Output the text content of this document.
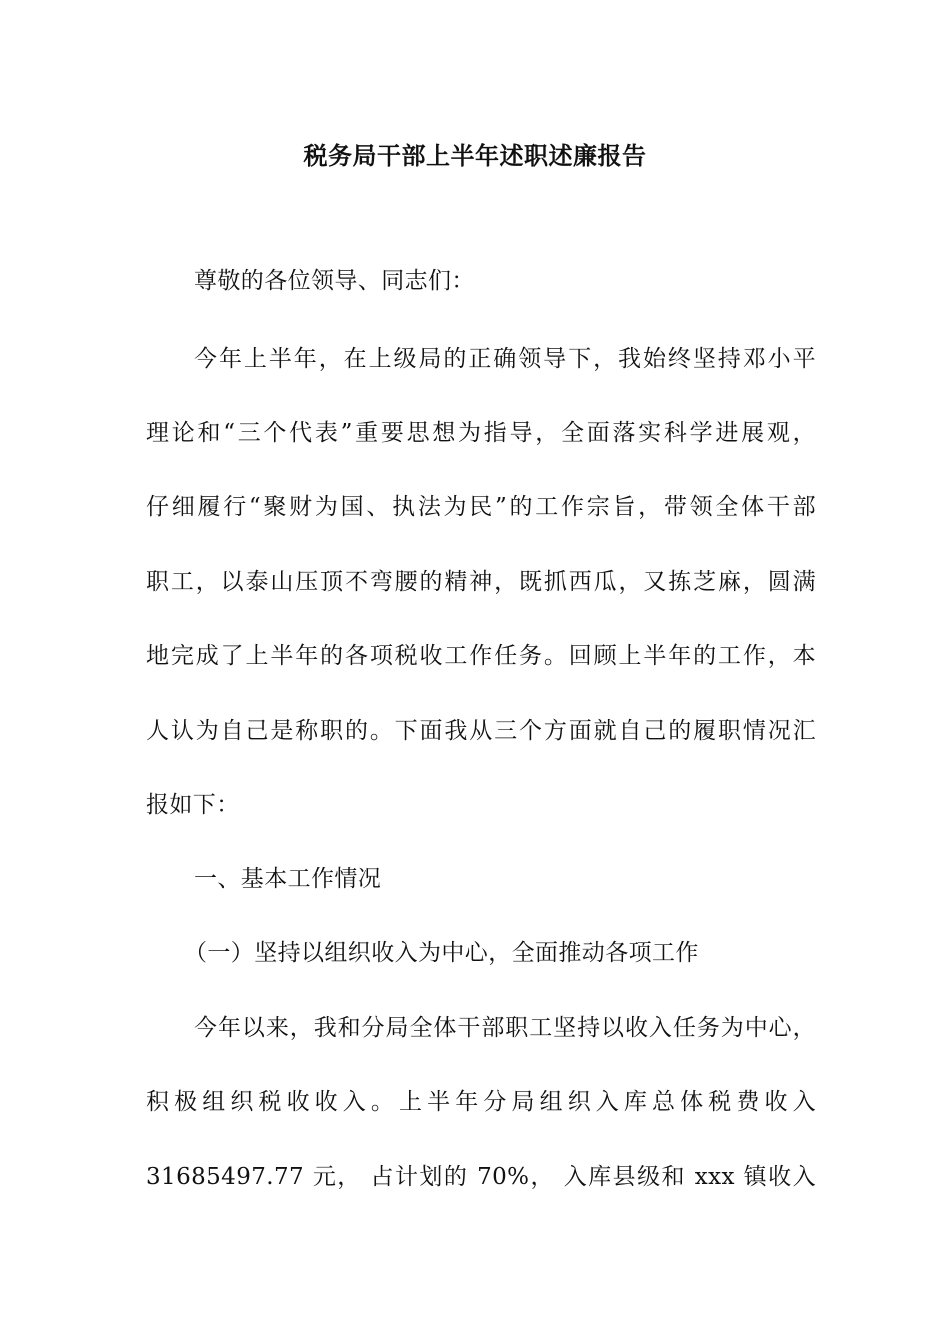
税务局干部上半年述职述廉报告
尊敬的各位领导、同志们：
今年上半年，在上级局的正确领导下，我始终坚持邓小平
理论和“三个代表”重要思想为指导，全面落实科学进展观，
仔细履行“聚财为国、执法为民”的工作宗旨，带领全体干部
职工，以泰山压顶不弯腰的精神，既抓西瓜，又拣芝麻，圆满
地完成了上半年的各项税收工作任务。回顾上半年的工作，本
人认为自己是称职的。下面我从三个方面就自己的履职情况汇
报如下：
一、基本工作情况
（一）坚持以组织收入为中心，全面推动各项工作
今年以来，我和分局全体干部职工坚持以收入任务为中心，
积极组织税收收入。上半年分局组织入库总体税费收入
31685497.77 元， 占计划的 70%， 入库县级和 xxx 镇收入
